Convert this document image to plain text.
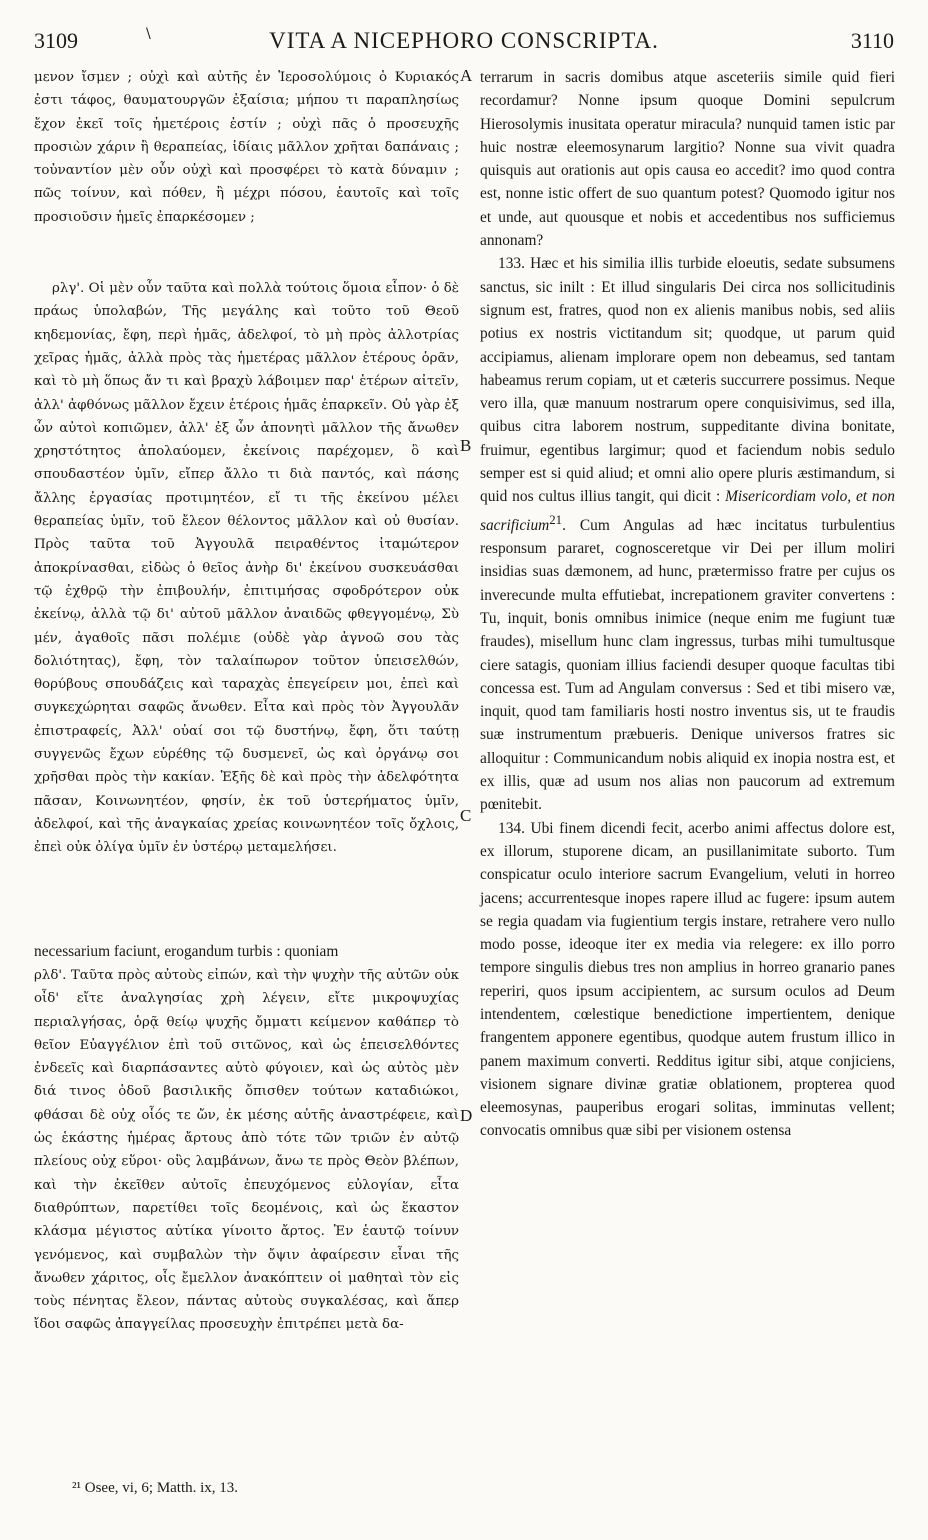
3109	\	VITA A NICEPHORO CONSCRIPTA.	3110
A
B
C
D

μενον ἴσμεν ; οὐχὶ καὶ αὐτῆς ἐν Ἱεροσολύμοις ὁ Κυριακός ἐστι τάφος, θαυματουργῶν ἐξαίσια; μήπου τι παραπλησίως ἔχον ἐκεῖ τοῖς ἡμετέροις ἐστίν ; οὐχὶ πᾶς ὁ προσευχῆς προσιὼν χάριν ἢ θεραπείας, ἰδίαις μᾶλλον χρῆται δαπάναις ; τοὐναντίον μὲν οὖν οὐχὶ καὶ προσφέρει τὸ κατὰ δύναμιν ; πῶς τοίνυν, καὶ πόθεν, ἢ μέχρι πόσου, ἑαυτοῖς καὶ τοῖς προσιοῦσιν ἡμεῖς ἐπαρκέσομεν ;

ρλγ'. Οἱ μὲν οὖν ταῦτα καὶ πολλὰ τούτοις ὅμοια εἶπον· ὁ δὲ πράως ὑπολαβών, Τῆς μεγάλης καὶ τοῦτο τοῦ Θεοῦ κηδεμονίας, ἔφη, περὶ ἡμᾶς, ἀδελφοί, τὸ μὴ πρὸς ἀλλοτρίας χεῖρας ἡμᾶς, ἀλλὰ πρὸς τὰς ἡμετέρας μᾶλλον ἑτέρους ὁρᾶν, καὶ τὸ μὴ ὅπως ἄν τι καὶ βραχὺ λάβοιμεν παρ' ἑτέρων αἰτεῖν, ἀλλ' ἀφθόνως μᾶλλον ἔχειν ἑτέροις ἡμᾶς ἐπαρκεῖν. Οὐ γὰρ ἐξ ὧν αὐτοὶ κοπιῶμεν, ἀλλ' ἐξ ὧν ἀπονητὶ μᾶλλον τῆς ἄνωθεν χρηστότητος ἀπολαύομεν, ἐκείνοις παρέχομεν, ὃ καὶ σπουδαστέον ὑμῖν, εἴπερ ἄλλο τι διὰ παντός, καὶ πάσης ἄλλης ἐργασίας προτιμητέον, εἴ τι τῆς ἐκείνου μέλει θεραπείας ὑμῖν, τοῦ ἔλεον θέλοντος μᾶλλον καὶ οὐ θυσίαν. Πρὸς ταῦτα τοῦ Ἀγγουλᾶ πειραθέντος ἰταμώτερον ἀποκρίνασθαι, εἰδὼς ὁ θεῖος ἀνὴρ δι' ἐκείνου συσκευάσθαι τῷ ἐχθρῷ τὴν ἐπιβουλήν, ἐπιτιμήσας σφοδρότερον οὐκ ἐκείνῳ, ἀλλὰ τῷ δι' αὐτοῦ μᾶλλον ἀναιδῶς φθεγγομένῳ, Σὺ μέν, ἀγαθοῖς πᾶσι πολέμιε (οὐδὲ γὰρ ἀγνοῶ σου τὰς δολιότητας), ἔφη, τὸν ταλαίπωρον τοῦτον ὑπεισελθών, θορύβους σπουδάζεις καὶ ταραχὰς ἐπεγείρειν μοι, ἐπεὶ καὶ συγκεχώρηται σαφῶς ἄνωθεν. Εἶτα καὶ πρὸς τὸν Ἀγγουλᾶν ἐπιστραφείς, Ἀλλ' οὐαί σοι τῷ δυστήνῳ, ἔφη, ὅτι ταύτῃ συγγενῶς ἔχων εὑρέθης τῷ δυσμενεῖ, ὡς καὶ ὀργάνῳ σοι χρῆσθαι πρὸς τὴν κακίαν. Ἑξῆς δὲ καὶ πρὸς τὴν ἀδελφότητα πᾶσαν, Κοινωνητέον, φησίν, ἐκ τοῦ ὑστερήματος ὑμῖν, ἀδελφοί, καὶ τῆς ἀναγκαίας χρείας κοινωνητέον τοῖς ὄχλοις, ἐπεὶ οὐκ ὀλίγα ὑμῖν ἐν ὑστέρῳ μεταμελήσει.

necessarium faciunt, erogandum turbis : quoniam

ρλδ'. Ταῦτα πρὸς αὐτοὺς εἰπών, καὶ τὴν ψυχὴν τῆς αὐτῶν οὐκ οἶδ' εἴτε ἀναλγησίας χρὴ λέγειν, εἴτε μικροψυχίας περιαλγήσας, ὁρᾷ θείῳ ψυχῆς ὄμματι κείμενον καθάπερ τὸ θεῖον Εὐαγγέλιον ἐπὶ τοῦ σιτῶνος, καὶ ὡς ἐπεισελθόντες ἐνδεεῖς καὶ διαρπάσαντες αὐτὸ φύγοιεν, καὶ ὡς αὐτὸς μὲν διά τινος ὁδοῦ βασιλικῆς ὄπισθεν τούτων καταδιώκοι, φθάσαι δὲ οὐχ οἷός τε ὤν, ἐκ μέσης αὐτῆς ἀναστρέφειε, καὶ ὡς ἑκάστης ἡμέρας ἄρτους ἀπὸ τότε τῶν τριῶν ἐν αὐτῷ πλείους οὐχ εὕροι· οὓς λαμβάνων, ἄνω τε πρὸς Θεὸν βλέπων, καὶ τὴν ἐκεῖθεν αὐτοῖς ἐπευχόμενος εὐλογίαν, εἶτα διαθρύπτων, παρετίθει τοῖς δεομένοις, καὶ ὡς ἕκαστον κλάσμα μέγιστος αὐτίκα γίνοιτο ἄρτος. Ἐν ἑαυτῷ τοίνυν γενόμενος, καὶ συμβαλὼν τὴν ὄψιν ἀφαίρεσιν εἶναι τῆς ἄνωθεν χάριτος, οἷς ἔμελλον ἀνακόπτειν οἱ μαθηταὶ τὸν εἰς τοὺς πένητας ἔλεον, πάντας αὐτοὺς συγκαλέσας, καὶ ἅπερ ἴδοι σαφῶς ἀπαγγείλας προσευχὴν ἐπιτρέπει μετὰ δα-

terrarum in sacris domibus atque asceteriis simile quid fieri recordamur? Nonne ipsum quoque Domini sepulcrum Hierosolymis inusitata operatur miracula? nunquid tamen istic par huic nostræ eleemosynarum largitio? Nonne sua vivit quadra quisquis aut orationis aut opis causa eo accedit? imo quod contra est, nonne istic offert de suo quantum potest? Quomodo igitur nos et unde, aut quousque et nobis et accedentibus nos sufficiemus annonam?

133. Hæc et his similia illis turbide eloeutis, sedate subsumens sanctus, sic inilt : Et illud singularis Dei circa nos sollicitudinis signum est, fratres, quod non ex alienis manibus nobis, sed aliis potius ex nostris victitandum sit; quodque, ut parum quid accipiamus, alienam implorare opem non debeamus, sed tantam habeamus rerum copiam, ut et cæteris succurrere possimus. Neque vero illa, quæ manuum nostrarum opere conquisivimus, sed illa, quibus citra laborem nostrum, suppeditante divina bonitate, fruimur, egentibus largimur; quod et faciendum nobis sedulo semper est si quid aliud; et omni alio opere pluris æstimandum, si quid nos cultus illius tangit, qui dicit : Misericordiam volo, et non sacrificium$^{21}$. Cum Angulas ad hæc incitatus turbulentius responsum pararet, cognosceretque vir Dei per illum moliri insidias suas dæmonem, ad hunc, prætermisso fratre per cujus os inverecunde multa effutiebat, increpationem graviter convertens : Tu, inquit, bonis omnibus inimice (neque enim me fugiunt tuæ fraudes), misellum hunc clam ingressus, turbas mihi tumultusque ciere satagis, quoniam illius faciendi desuper quoque facultas tibi concessa est. Tum ad Angulam conversus : Sed et tibi misero væ, inquit, quod tam familiaris hosti nostro inventus sis, ut te fraudis suæ instrumentum præbueris. Denique universos fratres sic alloquitur : Communicandum nobis aliquid ex inopia nostra est, et ex illis, quæ ad usum nos alias non paucorum ad extremum pœnitebit.

134. Ubi finem dicendi fecit, acerbo animi affectus dolore est, ex illorum, stuporene dicam, an pusillanimitate suborto. Tum conspicatur oculo interiore sacrum Evangelium, veluti in horreo jacens; accurrentesque inopes rapere illud ac fugere: ipsum autem se regia quadam via fugientium tergis instare, retrahere vero nullo modo posse, ideoque iter ex media via relegere: ex illo porro tempore singulis diebus tres non amplius in horreo granario panes reperiri, quos ipsum accipientem, ac sursum oculos ad Deum intendentem, cœlestique benedictione impertientem, denique frangentem apponere egentibus, quodque autem frustum illico in panem maximum converti. Redditus igitur sibi, atque conjiciens, visionem signare divinæ gratiæ oblationem, propterea quod eleemosynas, pauperibus erogari solitas, imminutas vellent; convocatis omnibus quæ sibi per visionem ostensa

²¹ Osee, vi, 6; Matth. ix, 13.
